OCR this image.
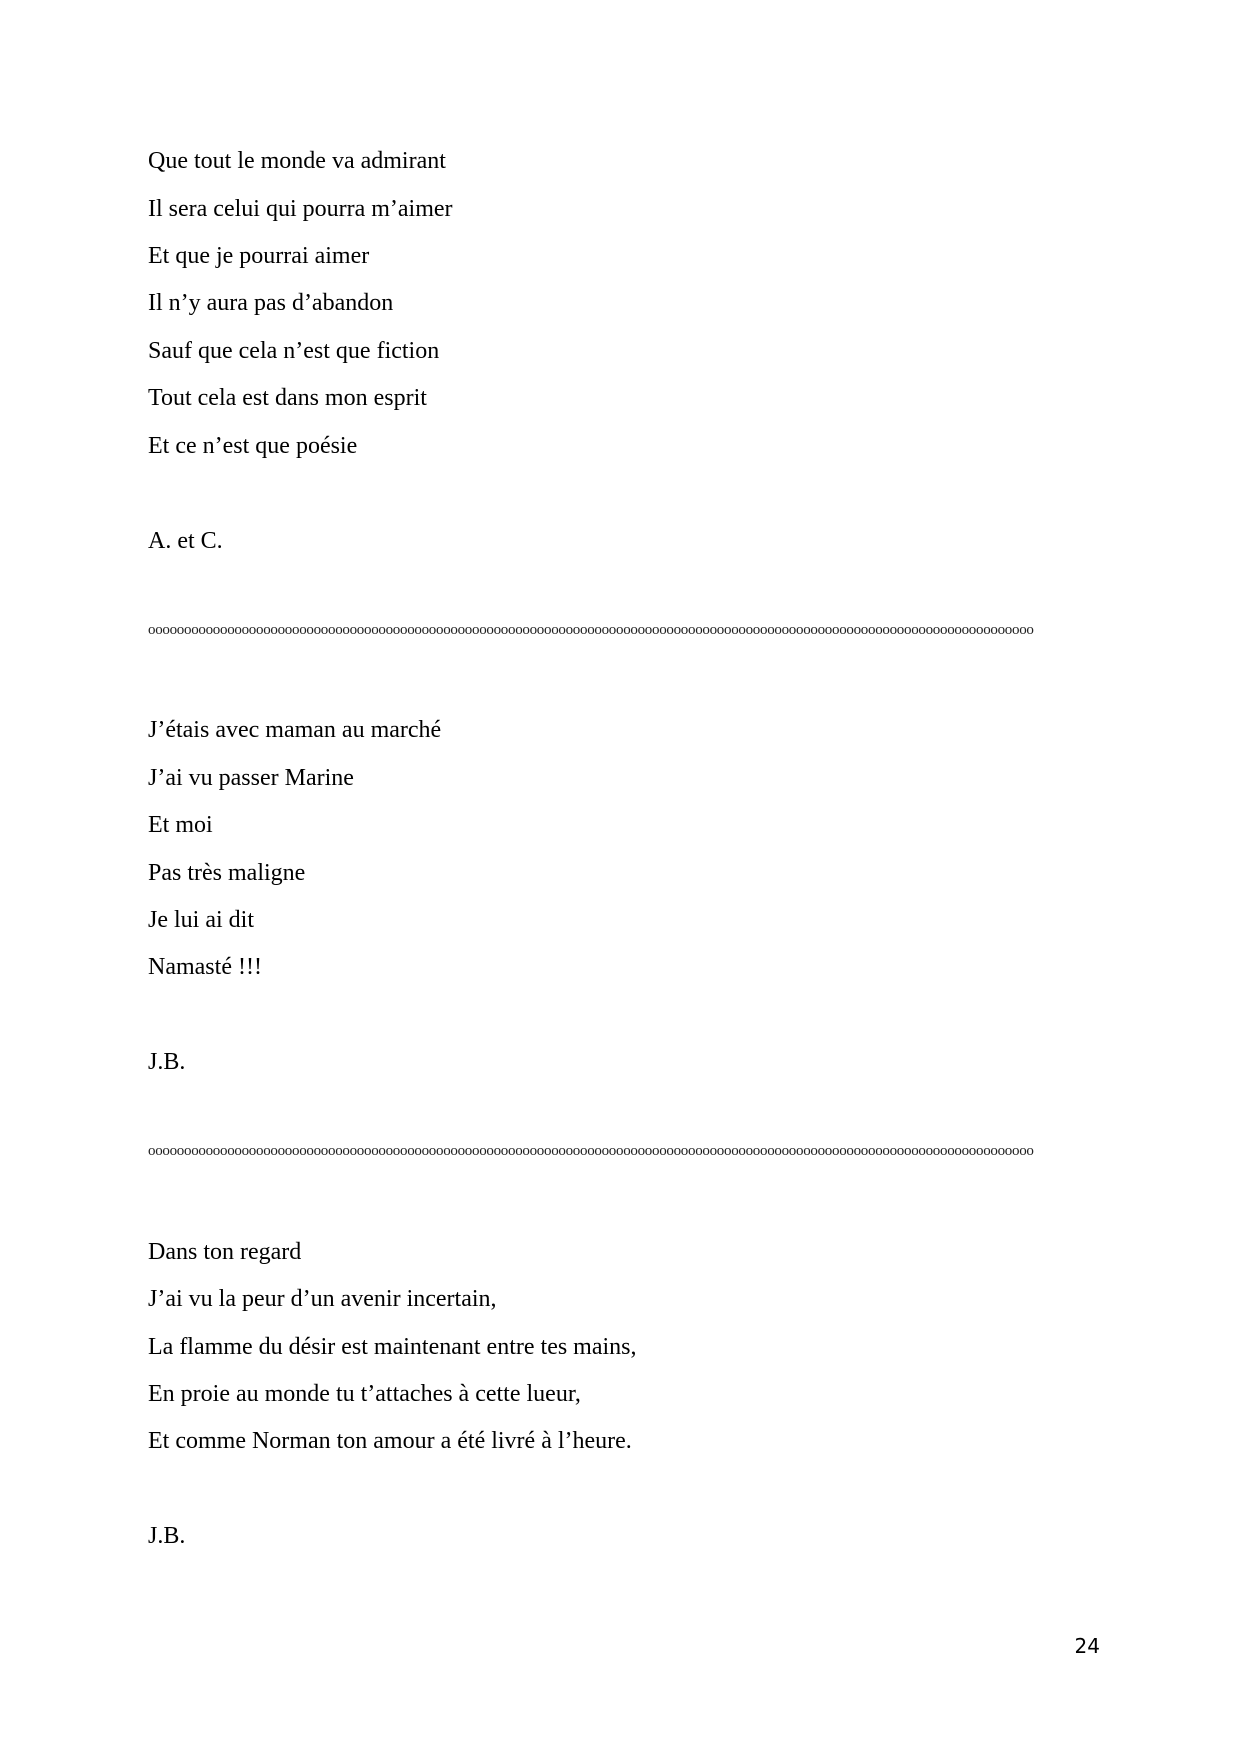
Que tout le monde va admirant
Il sera celui qui pourra m’aimer
Et que je pourrai aimer
Il n’y aura pas d’abandon
Sauf que cela n’est que fiction
Tout cela est dans mon esprit
Et ce n’est que poésie
A. et C.
ooooooooooooooooooooooooooooooooooooooooooooooooooooooooooooooooooooooooooooooooooooooooooooooooooooooooooooooooooooooooooo
J’étais avec maman au marché
J’ai vu passer Marine
Et moi
Pas très maligne
Je lui ai dit
Namasté !!!
J.B.
ooooooooooooooooooooooooooooooooooooooooooooooooooooooooooooooooooooooooooooooooooooooooooooooooooooooooooooooooooooooooooo
Dans ton regard
J’ai vu la peur d’un avenir incertain,
La flamme du désir est maintenant entre tes mains,
En proie au monde tu t’attaches à cette lueur,
Et comme Norman ton amour a été livré à l’heure.
J.B.
24
